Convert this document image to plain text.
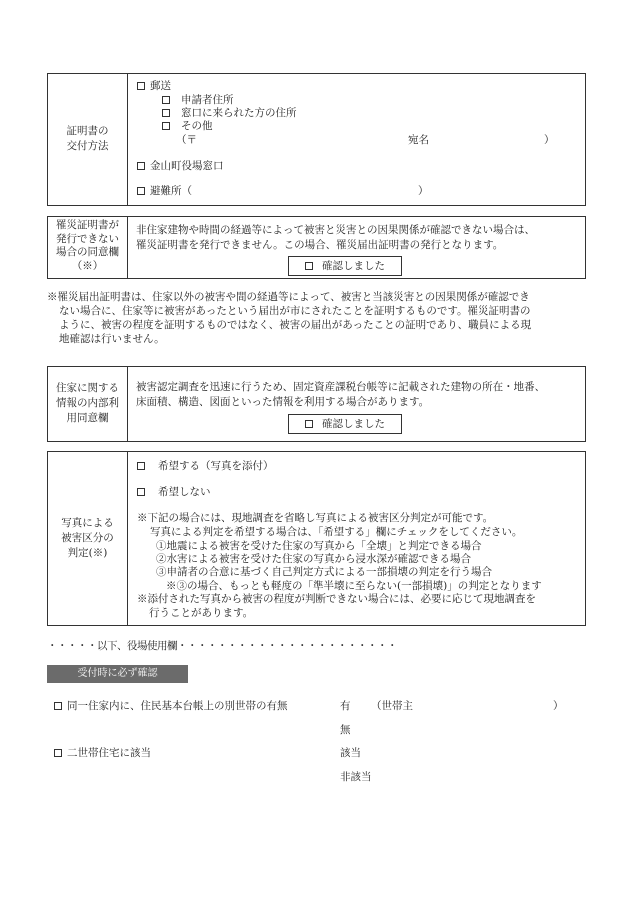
証明書の
交付方法
郵送
申請者住所
窓口に来られた方の住所
その他
（〒	宛名	）
金山町役場窓口
避難所（	）
罹災証明書が
発行できない
場合の同意欄
（※）
非住家建物や時間の経過等によって被害と災害との因果関係が確認できない場合は、
罹災証明書を発行できません。この場合、罹災届出証明書の発行となります。
確認しました
※罹災届出証明書は、住家以外の被害や間の経過等によって、被害と当該災害との因果関係が確認でき
ない場合に、住家等に被害があったという届出が市にされたことを証明するものです。罹災証明書の
ように、被害の程度を証明するものではなく、被害の届出があったことの証明であり、職員による現
地確認は行いません。
住家に関する
情報の内部利
用同意欄
被害認定調査を迅速に行うため、固定資産課税台帳等に記載された建物の所在・地番、
床面積、構造、図面といった情報を利用する場合があります。
確認しました
写真による
被害区分の
判定(※)
希望する（写真を添付）
希望しない
※下記の場合には、現地調査を省略し写真による被害区分判定が可能です。
写真による判定を希望する場合は、「希望する」欄にチェックをしてください。
①地震による被害を受けた住家の写真から「全壊」と判定できる場合
②水害による被害を受けた住家の写真から浸水深が確認できる場合
③申請者の合意に基づく自己判定方式による一部損壊の判定を行う場合
※③の場合、もっとも軽度の「準半壊に至らない(一部損壊)」の判定となります
※添付された写真から被害の程度が判断できない場合には、必要に応じて現地調査を
行うことがあります。
・・・・・以下、役場使用欄・・・・・・・・・・・・・・・・・・・・・・
受付時に必ず確認
同一住家内に、住民基本台帳上の別世帯の有無	有 （世帯主	）
無
二世帯住宅に該当	該当
非該当
